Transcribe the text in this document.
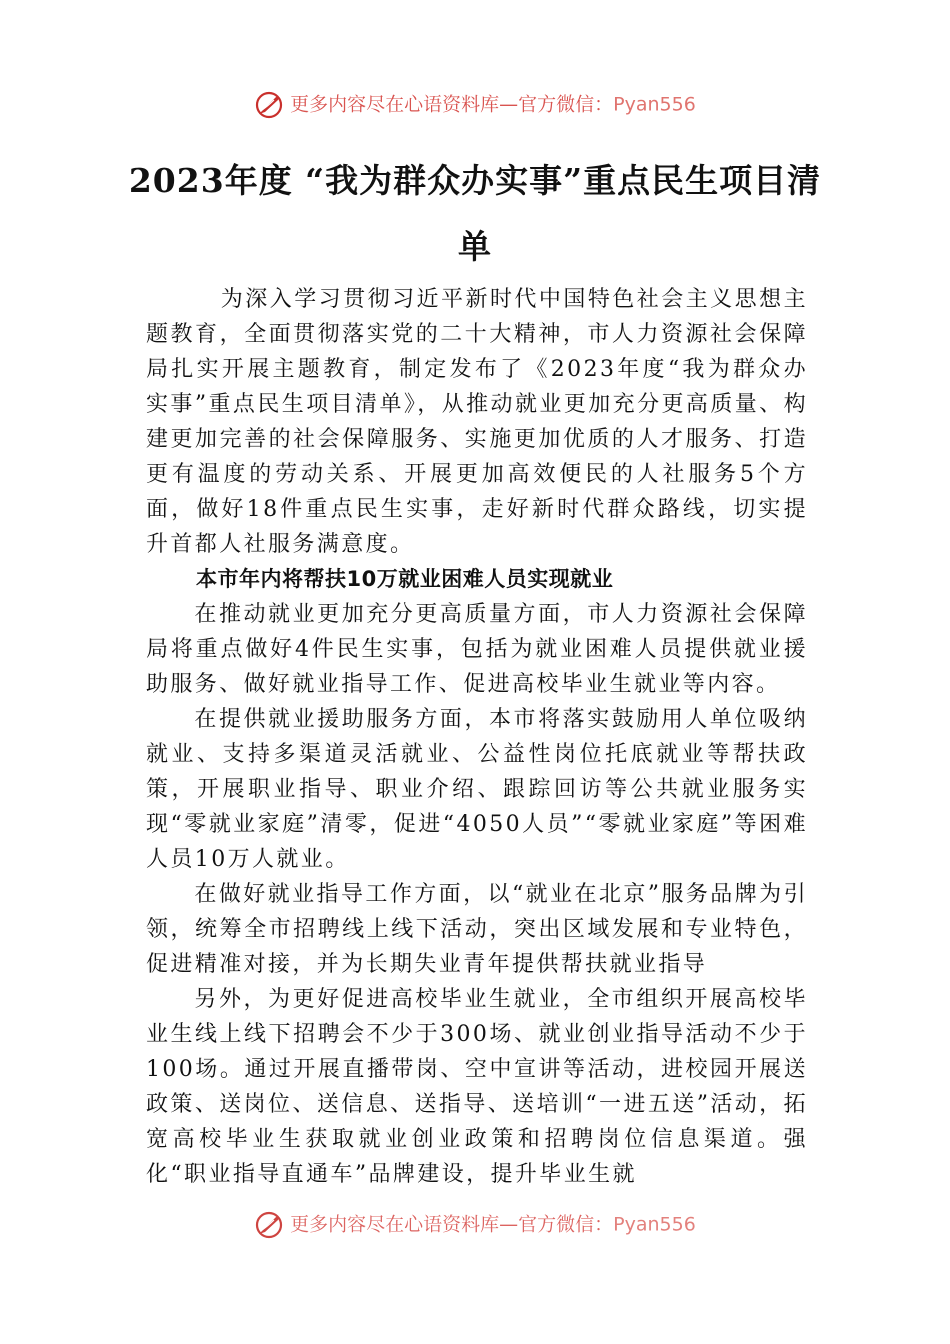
更多内容尽在心语资料库—官方微信：Pyan556
2023年度 “我为群众办实事”重点民生项目清单

为深入学习贯彻习近平新时代中国特色社会主义思想主题教育，全面贯彻落实党的二十大精神，市人力资源社会保障局扎实开展主题教育，制定发布了《2023年度“我为群众办实事”重点民生项目清单》，从推动就业更加充分更高质量、构建更加完善的社会保障服务、实施更加优质的人才服务、打造更有温度的劳动关系、开展更加高效便民的人社服务5个方面，做好18件重点民生实事，走好新时代群众路线，切实提升首都人社服务满意度。

本市年内将帮扶10万就业困难人员实现就业

在推动就业更加充分更高质量方面，市人力资源社会保障局将重点做好4件民生实事，包括为就业困难人员提供就业援助服务、做好就业指导工作、促进高校毕业生就业等内容。

在提供就业援助服务方面，本市将落实鼓励用人单位吸纳就业、支持多渠道灵活就业、公益性岗位托底就业等帮扶政策，开展职业指导、职业介绍、跟踪回访等公共就业服务实现“零就业家庭”清零，促进“4050人员”“零就业家庭”等困难人员10万人就业。

在做好就业指导工作方面，以“就业在北京”服务品牌为引领，统筹全市招聘线上线下活动，突出区域发展和专业特色，促进精准对接，并为长期失业青年提供帮扶就业指导

另外，为更好促进高校毕业生就业，全市组织开展高校毕业生线上线下招聘会不少于300场、就业创业指导活动不少于100场。通过开展直播带岗、空中宣讲等活动，进校园开展送政策、送岗位、送信息、送指导、送培训“一进五送”活动，拓宽高校毕业生获取就业创业政策和招聘岗位信息渠道。强化“职业指导直通车”品牌建设，提升毕业生就

更多内容尽在心语资料库—官方微信：Pyan556
